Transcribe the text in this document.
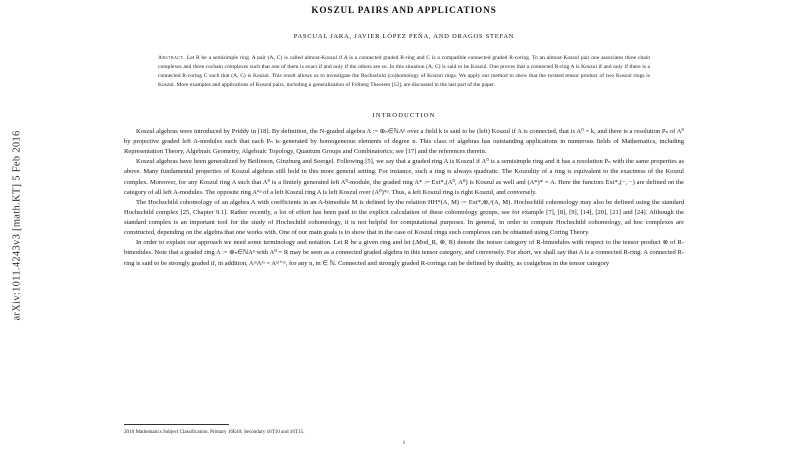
arXiv:1011.4243v3 [math.KT] 5 Feb 2016
KOSZUL PAIRS AND APPLICATIONS
PASCUAL JARA, JAVIER LÓPEZ PEÑA, AND DRAGOS STEFAN
Abstract. Let R be a semisimple ring. A pair (A, C) is called almost-Koszul if A is a connected graded R-ring and C is a compatible connected graded R-coring. To an almost-Koszul pair one associates three chain complexes and three cochain complexes such that one of them is exact if and only if the others are so. In this situation (A, C) is said to be Koszul. One proves that a connected R-ring A is Koszul if and only if there is a connected R-coring C such that (A, C) is Koszul. This result allows us to investigate the Rochschild (co)homology of Koszul rings. We apply our method to show that the twisted tensor product of two Koszul rings is Koszul. More examples and applications of Koszul pairs, including a generalization of Fröberg Theorem [12], are discussed in the last part of the paper.
INTRODUCTION

Koszul algebras were introduced by Priddy in [18]. By definition, the N-graded algebra A := ⊕ₙ∈ℕAⁿ over a field k is said to be (left) Koszul if A is connected, that is A⁰ = k, and there is a resolution Pₙ of A⁰ by projective graded left A-modules such that each Pₙ is generated by homogeneous elements of degree n. This class of algebras has outstanding applications in numerous fields of Mathematics, including Representation Theory, Algebraic Geometry, Algebraic Topology, Quantum Groups and Combinatorics; see [17] and the references therein.

Koszul algebras have been generalized by Beilinson, Ginzburg and Soergel. Following [5], we say that a graded ring A is Koszul if A⁰ is a semisimple ring and it has a resolution Pₙ with the same properties as above. Many fundamental properties of Koszul algebras still hold in this more general setting. For instance, such a ring is always quadratic. The Koszulity of a ring is equivalent to the exactness of the Koszul complex. Moreover, for any Koszul ring A such that A⁰ is a finitely generated left A⁰-module, the graded ring A* := Ext*ₐ(A⁰, A⁰) is Koszul as well and (A*)* = A. Here the functors Ext*ₐ(−, −) are defined on the category of all left A-modules. The opposite ring A°ᵖ of a left Koszul ring A is left Koszul over (A⁰)°ᵖ. Thus, a left Koszul ring is right Koszul, and conversely.

The Hochschild cohomology of an algebra A with coefficients in an A-bimodule M is defined by the relation HH*(A, M) := Ext*ₐ⊗ₐᵒ(A, M). Hochschild cohomology may also be defined using the standard Hochschild complex [25, Chapter 9.1]. Rather recently, a lot of effort has been paid to the explicit calculation of these cohomology groups, see for example [7], [8], [9], [14], [20], [21] and [24]. Although the standard complex is an important tool for the study of Hochschild cohomology, it is not helpful for computational purposes. In general, in order to compute Hochschild cohomology, ad hoc complexes are constructed, depending on the algebra that one works with. One of our main goals is to show that in the case of Koszul rings such complexes can be obtained using Coring Theory.

In order to explain our approach we need some terminology and notation. Let R be a given ring and let (ᵣMod_R, ⊗, R) denote the tensor category of R-bimodules with respect to the tensor product ⊗ of R-bimodules. Note that a graded ring A := ⊕ₙ∈ℕAⁿ with A⁰ = R may be seen as a connected graded algebra in this tensor category, and conversely. For short, we shall say that A is a connected R-ring. A connected R-ring is said to be strongly graded if, in addition, AᵐAᵐ = Aᵐ⁺ᵐ, for any n, m ∈ ℕ. Connected and strongly graded R-corings can be defined by duality, as coalgebras in the tensor category

2010 Mathematics Subject Classification. Primary 16E40; Secondary 16T10 and 16T15.
1
